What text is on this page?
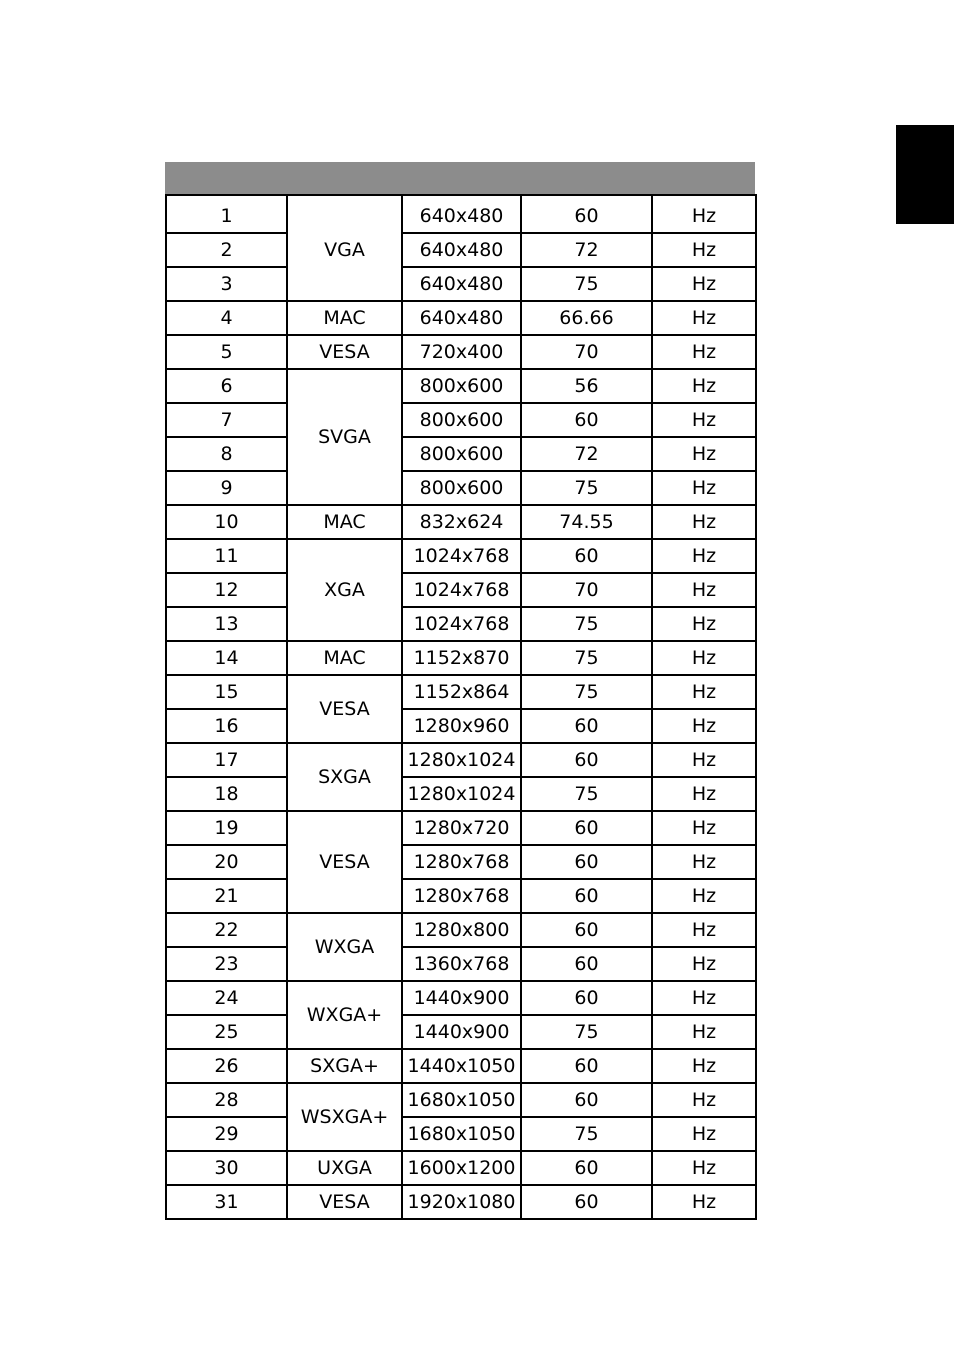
1	VGA	640x480	60	Hz
2		640x480	72	Hz
3		640x480	75	Hz
4	MAC	640x480	66.66	Hz
5	VESA	720x400	70	Hz
6	SVGA	800x600	56	Hz
7		800x600	60	Hz
8		800x600	72	Hz
9		800x600	75	Hz
10	MAC	832x624	74.55	Hz
11	XGA	1024x768	60	Hz
12		1024x768	70	Hz
13		1024x768	75	Hz
14	MAC	1152x870	75	Hz
15	VESA	1152x864	75	Hz
16		1280x960	60	Hz
17	SXGA	1280x1024	60	Hz
18		1280x1024	75	Hz
19	VESA	1280x720	60	Hz
20		1280x768	60	Hz
21		1280x768	60	Hz
22	WXGA	1280x800	60	Hz
23		1360x768	60	Hz
24	WXGA+	1440x900	60	Hz
25		1440x900	75	Hz
26	SXGA+	1440x1050	60	Hz
28	WSXGA+	1680x1050	60	Hz
29		1680x1050	75	Hz
30	UXGA	1600x1200	60	Hz
31	VESA	1920x1080	60	Hz
